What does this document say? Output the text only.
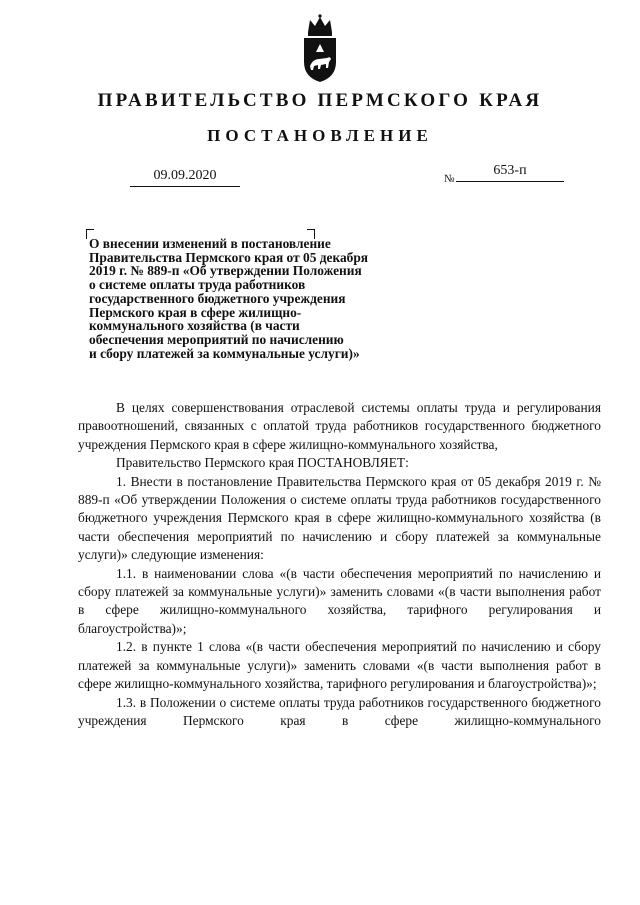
ПРАВИТЕЛЬСТВО ПЕРМСКОГО КРАЯ
ПОСТАНОВЛЕНИЕ
09.09.2020	№
653-п
О внесении изменений в постановление
Правительства Пермского края от 05 декабря
2019 г. № 889-п «Об утверждении Положения
о системе оплаты труда работников
государственного бюджетного учреждения
Пермского края в сфере жилищно-
коммунального хозяйства (в части
обеспечения мероприятий по начислению
и сбору платежей за коммунальные услуги)»

В целях совершенствования отраслевой системы оплаты труда и регулирования правоотношений, связанных с оплатой труда работников государственного бюджетного учреждения Пермского края в сфере жилищно-коммунального хозяйства,

Правительство Пермского края ПОСТАНОВЛЯЕТ:

1. Внести в постановление Правительства Пермского края от 05 декабря 2019 г. № 889-п «Об утверждении Положения о системе оплаты труда работников государственного бюджетного учреждения Пермского края в сфере жилищно-коммунального хозяйства (в части обеспечения мероприятий по начислению и сбору платежей за коммунальные услуги)» следующие изменения:

1.1. в наименовании слова «(в части обеспечения мероприятий по начислению и сбору платежей за коммунальные услуги)» заменить словами «(в части выполнения работ в сфере жилищно-коммунального хозяйства, тарифного регулирования и благоустройства)»;

1.2. в пункте 1 слова «(в части обеспечения мероприятий по начислению и сбору платежей за коммунальные услуги)» заменить словами «(в части выполнения работ в сфере жилищно-коммунального хозяйства, тарифного регулирования и благоустройства)»;

1.3. в Положении о системе оплаты труда работников государственного бюджетного учреждения Пермского края в сфере жилищно-коммунального
